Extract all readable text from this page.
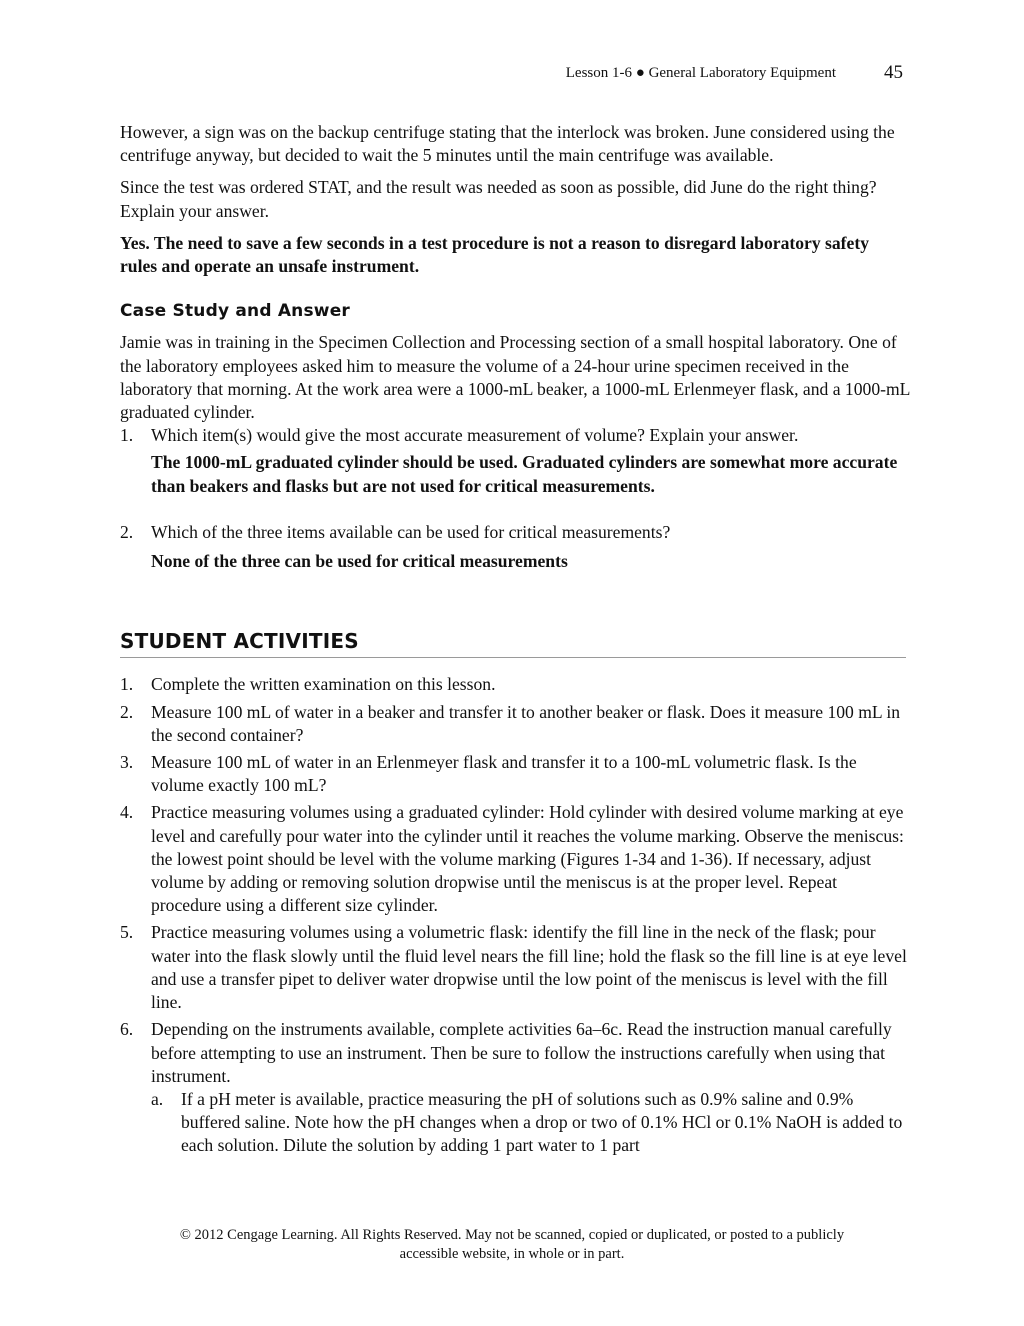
Lesson 1-6 ● General Laboratory Equipment	45

However, a sign was on the backup centrifuge stating that the interlock was broken. June considered using the centrifuge anyway, but decided to wait the 5 minutes until the main centrifuge was available.

Since the test was ordered STAT, and the result was needed as soon as possible, did June do the right thing? Explain your answer.

Yes. The need to save a few seconds in a test procedure is not a reason to disregard laboratory safety rules and operate an unsafe instrument.

Case Study and Answer

Jamie was in training in the Specimen Collection and Processing section of a small hospital laboratory. One of the laboratory employees asked him to measure the volume of a 24-hour urine specimen received in the laboratory that morning. At the work area were a 1000-mL beaker, a 1000-mL Erlenmeyer flask, and a 1000-mL graduated cylinder.

1. Which item(s) would give the most accurate measurement of volume? Explain your answer.
The 1000-mL graduated cylinder should be used. Graduated cylinders are somewhat more accurate than beakers and flasks but are not used for critical measurements.
2. Which of the three items available can be used for critical measurements?
None of the three can be used for critical measurements
STUDENT ACTIVITIES
1. Complete the written examination on this lesson.
2. Measure 100 mL of water in a beaker and transfer it to another beaker or flask. Does it measure 100 mL in the second container?
3. Measure 100 mL of water in an Erlenmeyer flask and transfer it to a 100-mL volumetric flask. Is the volume exactly 100 mL?
4. Practice measuring volumes using a graduated cylinder: Hold cylinder with desired volume marking at eye level and carefully pour water into the cylinder until it reaches the volume marking. Observe the meniscus: the lowest point should be level with the volume marking (Figures 1-34 and 1-36). If necessary, adjust volume by adding or removing solution dropwise until the meniscus is at the proper level. Repeat procedure using a different size cylinder.
5. Practice measuring volumes using a volumetric flask: identify the fill line in the neck of the flask; pour water into the flask slowly until the fluid level nears the fill line; hold the flask so the fill line is at eye level and use a transfer pipet to deliver water dropwise until the low point of the meniscus is level with the fill line.
6. Depending on the instruments available, complete activities 6a–6c. Read the instruction manual carefully before attempting to use an instrument. Then be sure to follow the instructions carefully when using that instrument.
a. If a pH meter is available, practice measuring the pH of solutions such as 0.9% saline and 0.9% buffered saline. Note how the pH changes when a drop or two of 0.1% HCl or 0.1% NaOH is added to each solution. Dilute the solution by adding 1 part water to 1 part
© 2012 Cengage Learning. All Rights Reserved. May not be scanned, copied or duplicated, or posted to a publicly
accessible website, in whole or in part.
